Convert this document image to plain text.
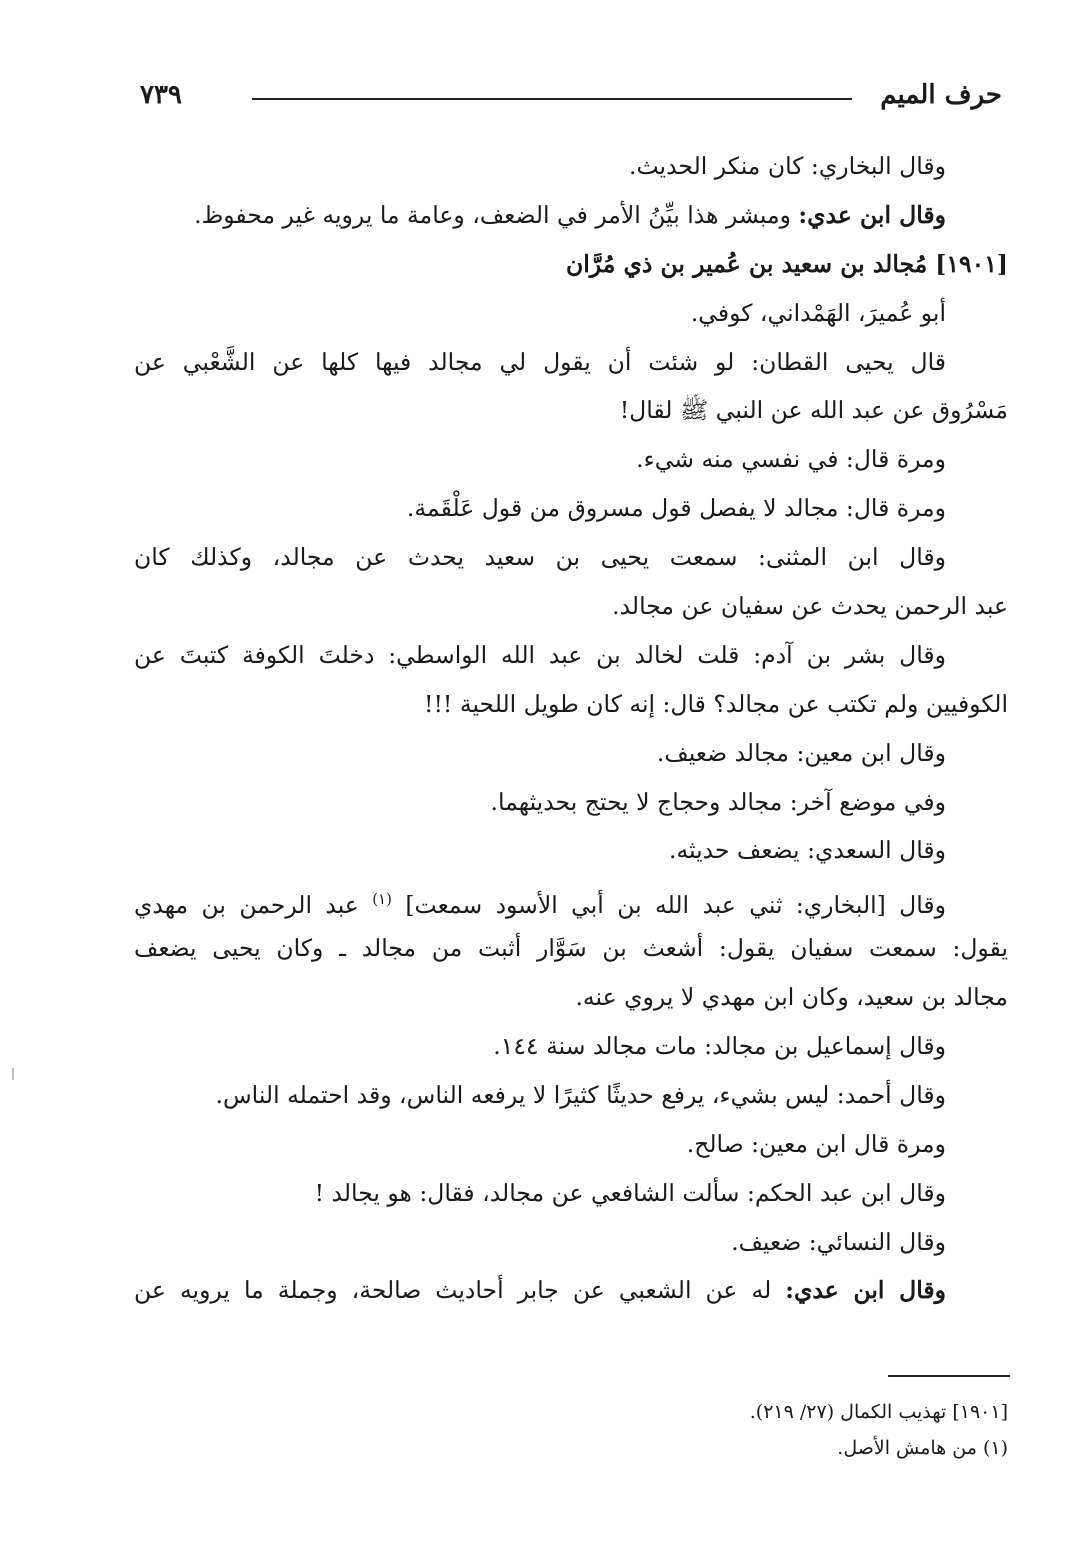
حرف الميم
٧٣٩
وقال البخاري: كان منكر الحديث.
وقال ابن عدي: ومبشر هذا بيِّنُ الأمر في الضعف، وعامة ما يرويه غير محفوظ.
[١٩٠١]مُجالد بن سعيد بن عُمير بن ذي مُرَّان
أبو عُميرَ، الهَمْداني، كوفي.
قال يحيى القطان: لو شئت أن يقول لي مجالد فيها كلها عن الشَّعْبي عن
مَسْرُوق عن عبد الله عن النبي ﷺ لقال!
ومرة قال: في نفسي منه شيء.
ومرة قال: مجالد لا يفصل قول مسروق من قول عَلْقَمة.
وقال ابن المثنى: سمعت يحيى بن سعيد يحدث عن مجالد، وكذلك كان
عبد الرحمن يحدث عن سفيان عن مجالد.
وقال بشر بن آدم: قلت لخالد بن عبد الله الواسطي: دخلتَ الكوفة كتبتَ عن
الكوفيين ولم تكتب عن مجالد؟ قال: إنه كان طويل اللحية !!!
وقال ابن معين: مجالد ضعيف.
وفي موضع آخر: مجالد وحجاج لا يحتج بحديثهما.
وقال السعدي: يضعف حديثه.
وقال [البخاري: ثني عبد الله بن أبي الأسود سمعت] $^{(١)}$ عبد الرحمن بن مهدي
يقول: سمعت سفيان يقول: أشعث بن سَوَّار أثبت من مجالد ـ وكان يحيى يضعف
مجالد بن سعيد، وكان ابن مهدي لا يروي عنه.
وقال إسماعيل بن مجالد: مات مجالد سنة ١٤٤.
وقال أحمد: ليس بشيء، يرفع حديثًا كثيرًا لا يرفعه الناس، وقد احتمله الناس.
ومرة قال ابن معين: صالح.
وقال ابن عبد الحكم: سألت الشافعي عن مجالد، فقال: هو يجالد !
وقال النسائي: ضعيف.
وقال ابن عدي: له عن الشعبي عن جابر أحاديث صالحة، وجملة ما يرويه عن
[١٩٠١] تهذيب الكمال (٢٧/ ٢١٩).
(١) من هامش الأصل.
